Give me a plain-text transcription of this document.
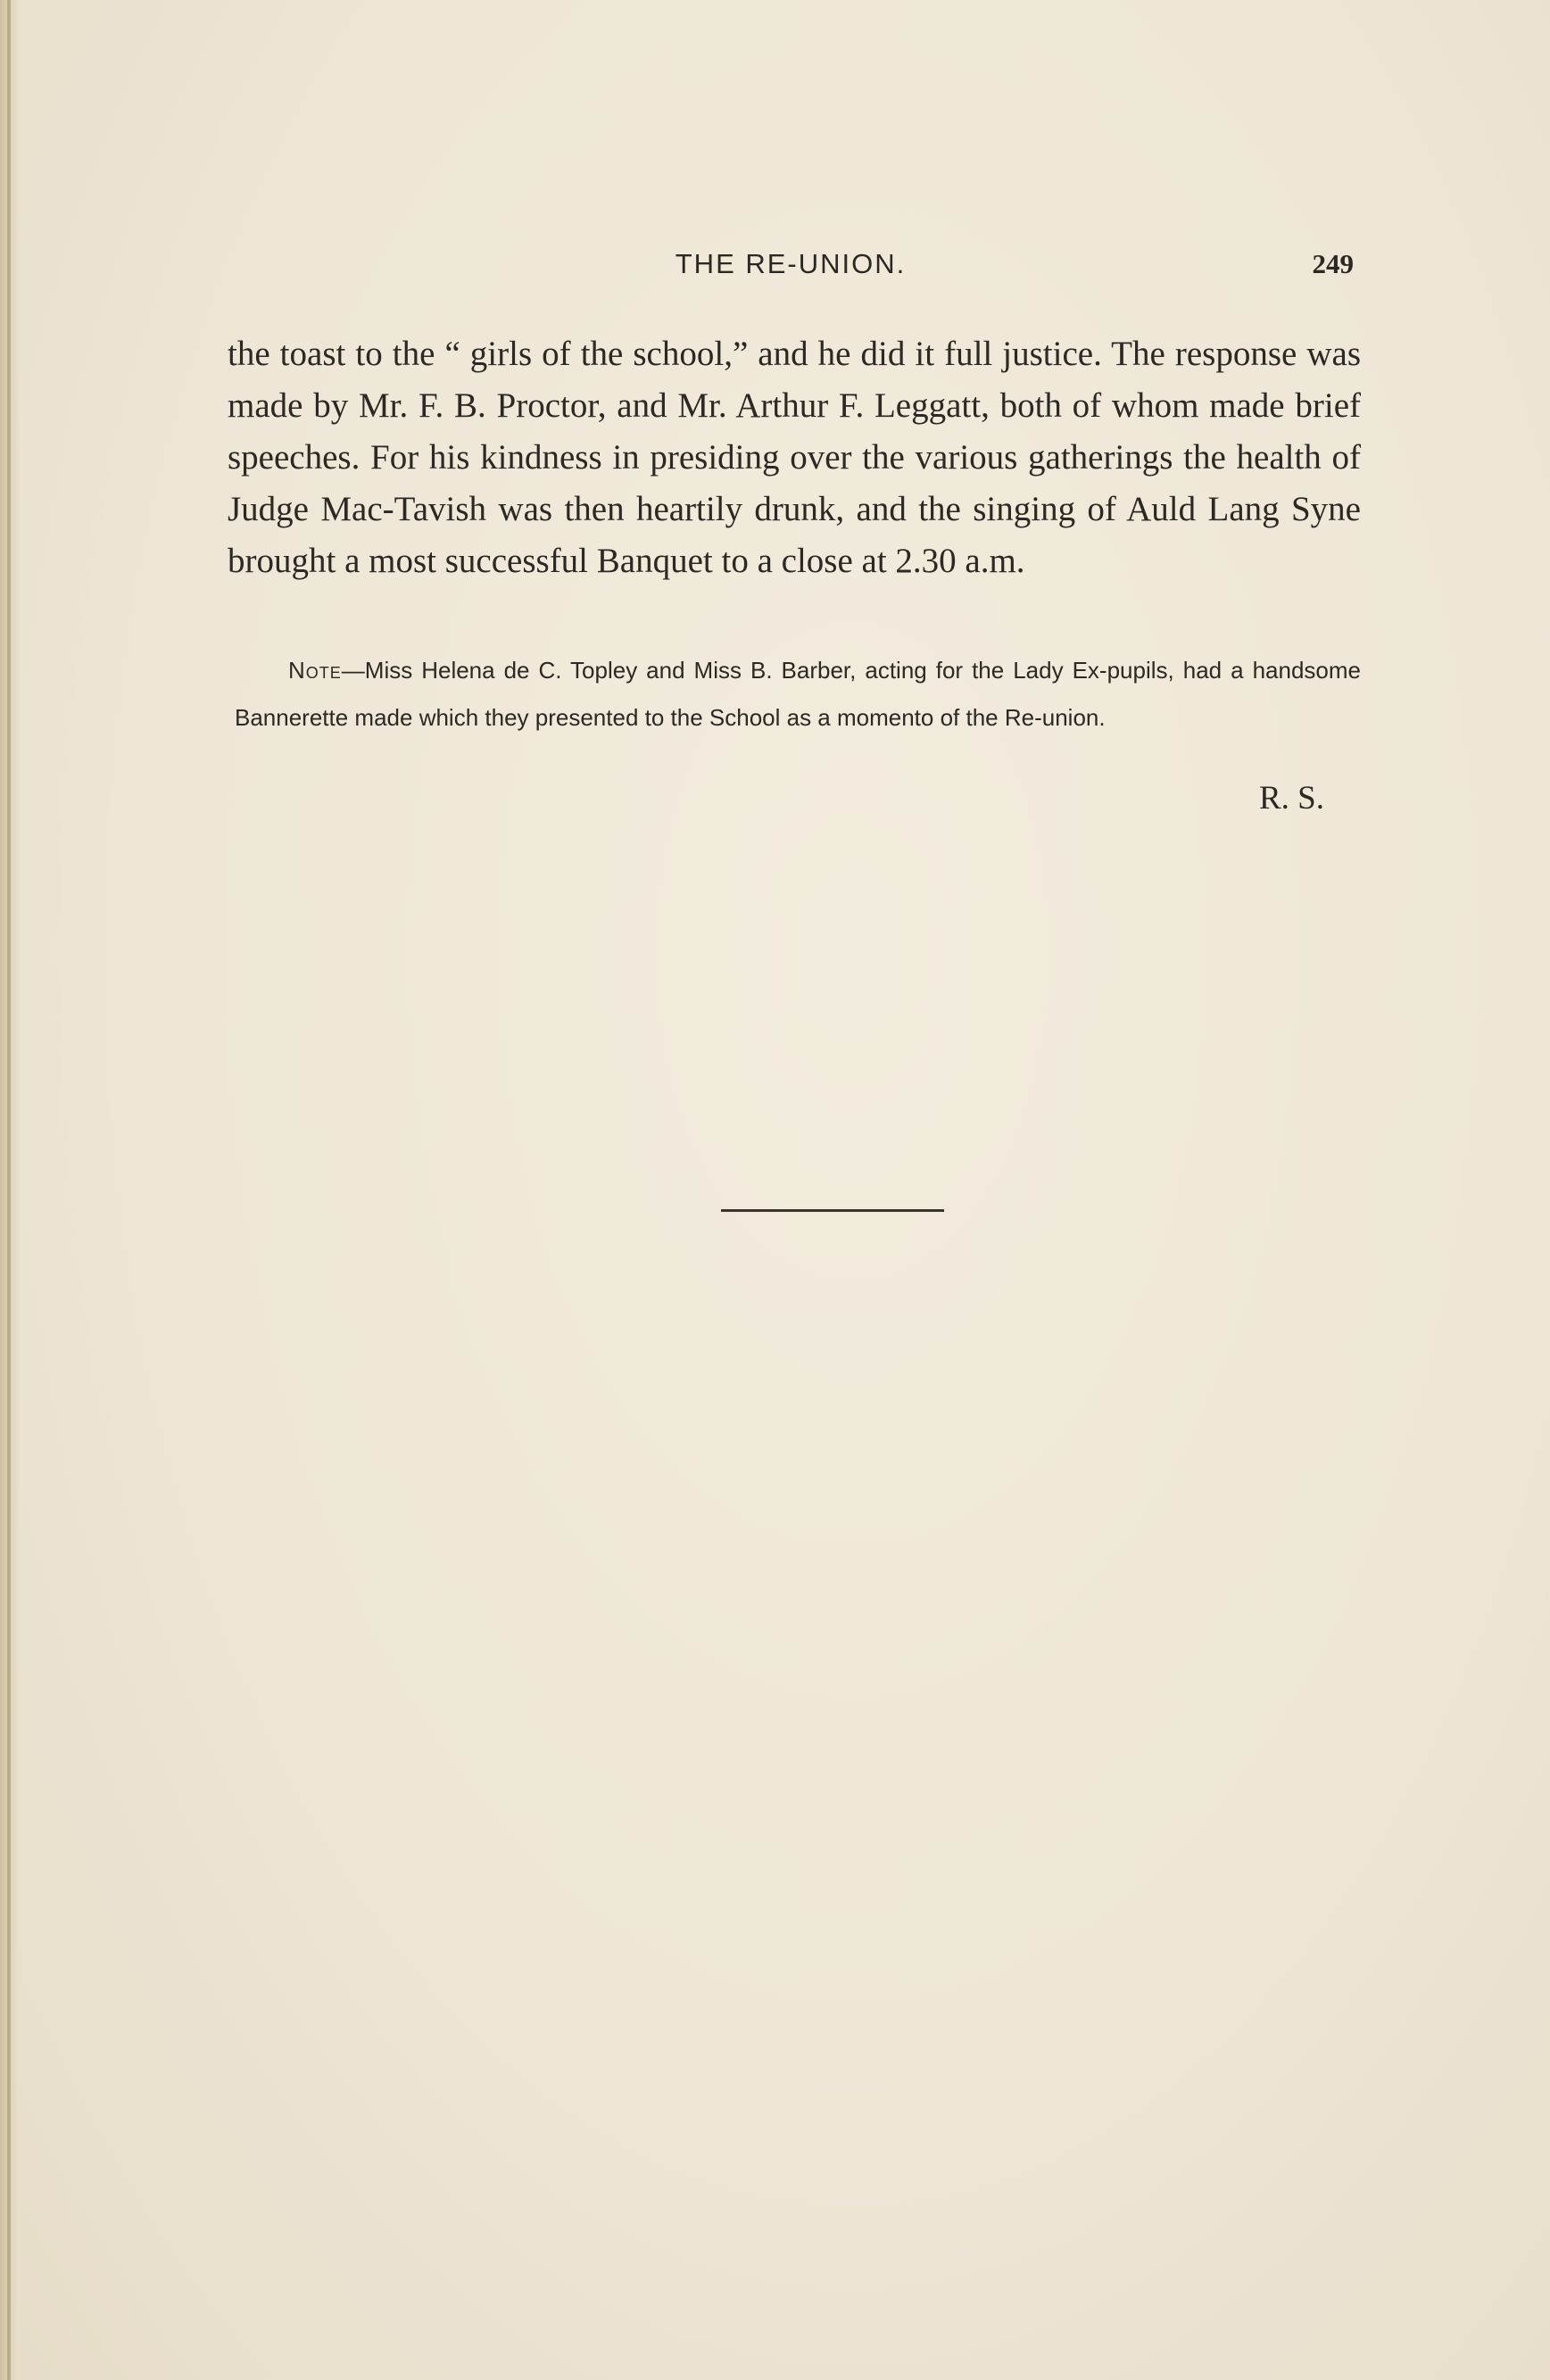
THE RE-UNION.	249

the toast to the “ girls of the school,” and he did it full justice. The response was made by Mr. F. B. Proctor, and Mr. Arthur F. Leggatt, both of whom made brief speeches. For his kindness in presiding over the various gatherings the health of Judge Mac-Tavish was then heartily drunk, and the singing of Auld Lang Syne brought a most successful Banquet to a close at 2.30 a.m.

Note—Miss Helena de C. Topley and Miss B. Barber, acting for the Lady Ex-pupils, had a handsome Bannerette made which they presented to the School as a momento of the Re-union.

R. S.
